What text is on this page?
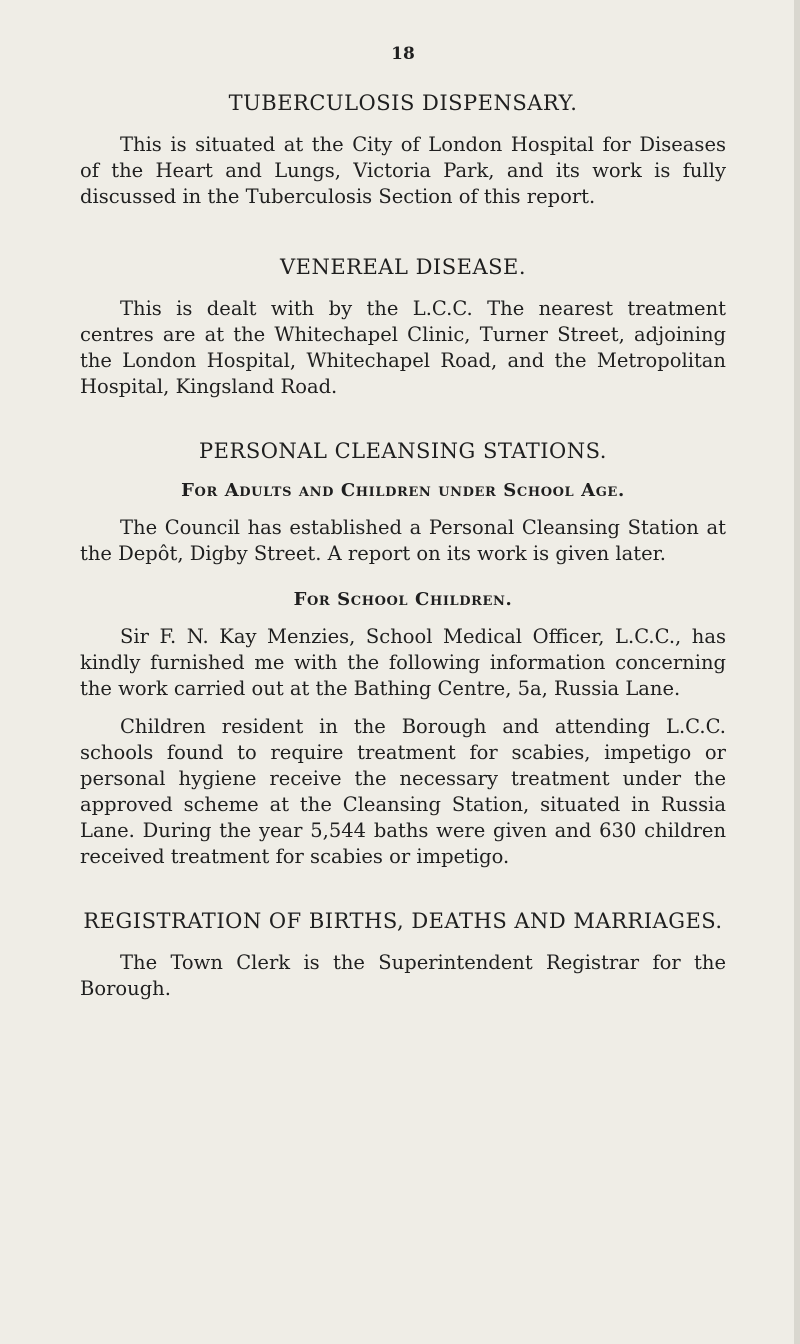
18
TUBERCULOSIS DISPENSARY.

This is situated at the City of London Hospital for Diseases of the Heart and Lungs, Victoria Park, and its work is fully discussed in the Tuberculosis Section of this report.

VENEREAL DISEASE.

This is dealt with by the L.C.C. The nearest treatment centres are at the Whitechapel Clinic, Turner Street, adjoining the London Hospital, Whitechapel Road, and the Metropolitan Hospital, Kingsland Road.

PERSONAL CLEANSING STATIONS.
For Adults and Children under School Age.

The Council has established a Personal Cleansing Station at the Depôt, Digby Street. A report on its work is given later.

For School Children.

Sir F. N. Kay Menzies, School Medical Officer, L.C.C., has kindly furnished me with the following information concerning the work carried out at the Bathing Centre, 5a, Russia Lane.

Children resident in the Borough and attending L.C.C. schools found to require treatment for scabies, impetigo or personal hygiene receive the necessary treatment under the approved scheme at the Cleansing Station, situated in Russia Lane. During the year 5,544 baths were given and 630 children received treatment for scabies or impetigo.

REGISTRATION OF BIRTHS, DEATHS AND MARRIAGES.

The Town Clerk is the Superintendent Registrar for the Borough.
